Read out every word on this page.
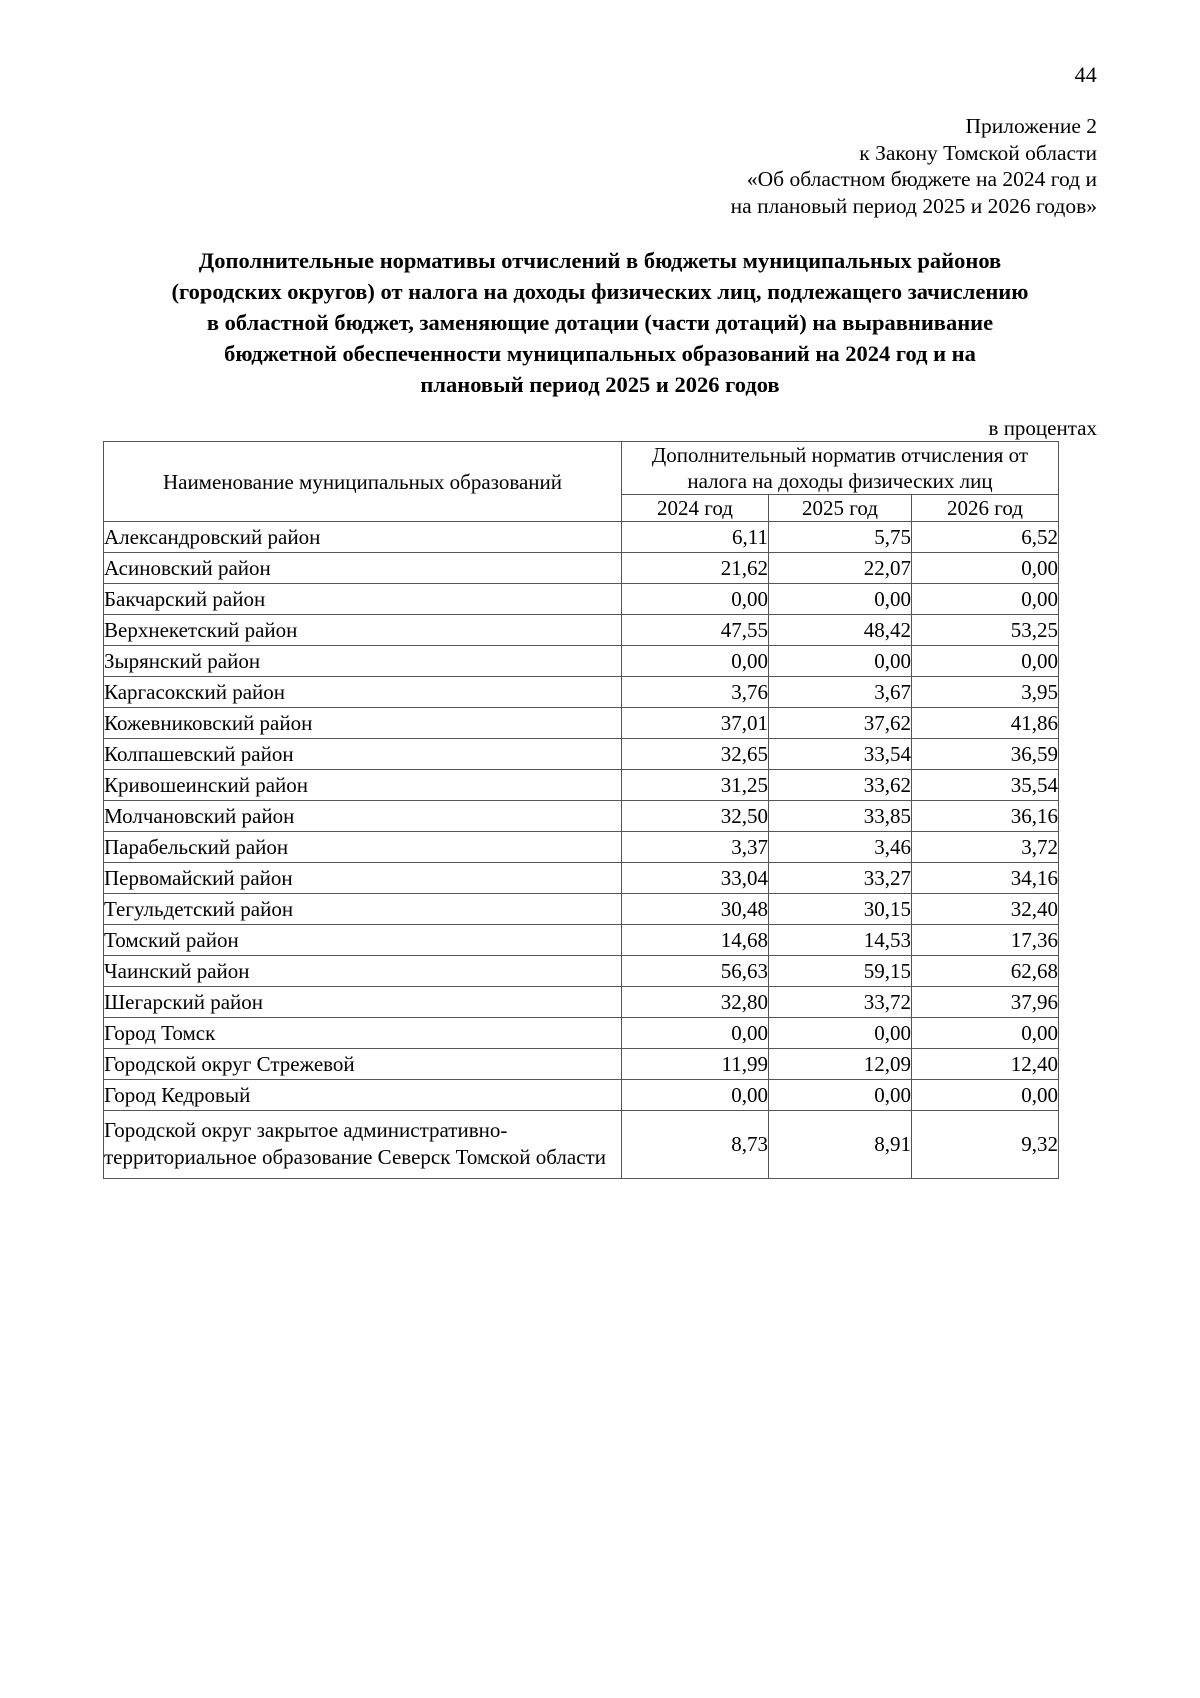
44
Приложение 2
к Закону Томской области
«Об областном бюджете на 2024 год и
на плановый период 2025 и 2026 годов»
Дополнительные нормативы отчислений в бюджеты муниципальных районов
(городских округов) от налога на доходы физических лиц, подлежащего зачислению
в областной бюджет, заменяющие дотации (части дотаций) на выравнивание
бюджетной обеспеченности муниципальных образований на 2024 год и на
плановый период 2025 и 2026 годов
в процентах
Наименование муниципальных образований	Дополнительный норматив отчисления от
налога на доходы физических лиц		
	2024 год	2025 год	2026 год
Александровский район	6,11	5,75	6,52
Асиновский район	21,62	22,07	0,00
Бакчарский район	0,00	0,00	0,00
Верхнекетский район	47,55	48,42	53,25
Зырянский район	0,00	0,00	0,00
Каргасокский район	3,76	3,67	3,95
Кожевниковский район	37,01	37,62	41,86
Колпашевский район	32,65	33,54	36,59
Кривошеинский район	31,25	33,62	35,54
Молчановский район	32,50	33,85	36,16
Парабельский район	3,37	3,46	3,72
Первомайский район	33,04	33,27	34,16
Тегульдетский район	30,48	30,15	32,40
Томский район	14,68	14,53	17,36
Чаинский район	56,63	59,15	62,68
Шегарский район	32,80	33,72	37,96
Город Томск	0,00	0,00	0,00
Городской округ Стрежевой	11,99	12,09	12,40
Город Кедровый	0,00	0,00	0,00
Городской округ закрытое административно-территориальное образование Северск Томской области	8,73	8,91	9,32
